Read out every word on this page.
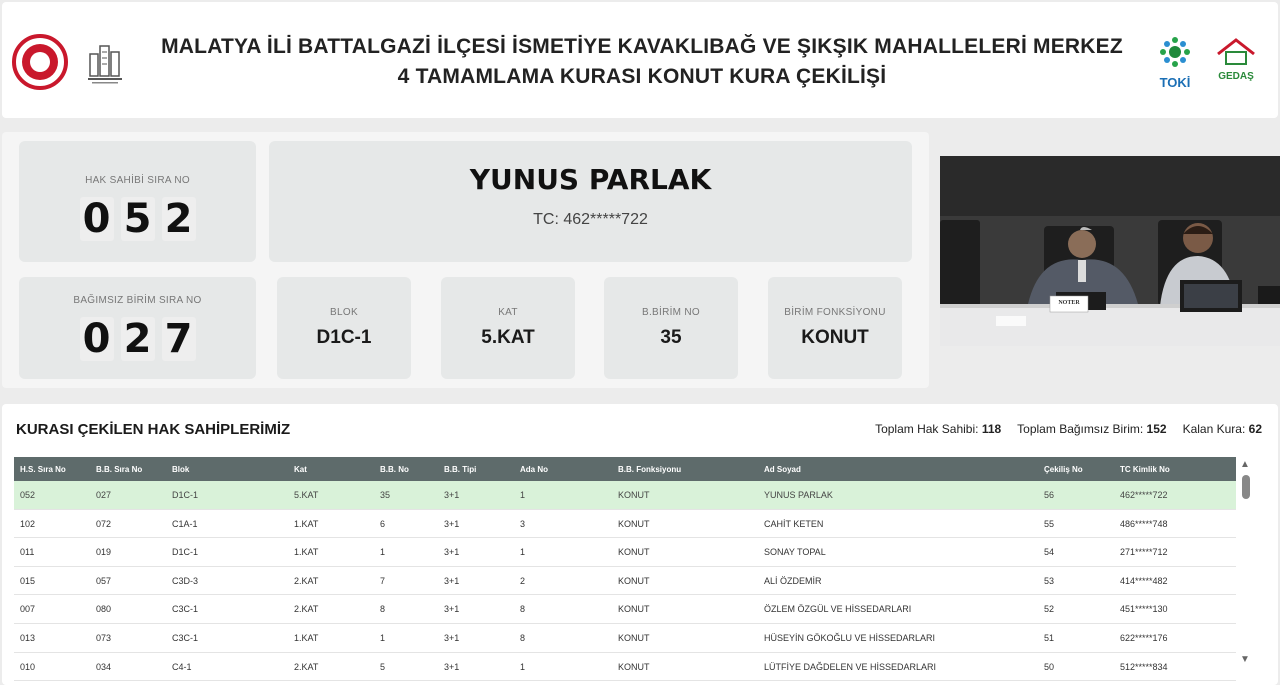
MALATYA İLİ BATTALGAZİ İLÇESİ İSMETİYE KAVAKLIBAĞ VE ŞIKŞIK MAHALLELERİ MERKEZ
4 TAMAMLAMA KURASI KONUT KURA ÇEKİLİŞİ	TOKİ	GEDAŞ
HAK SAHİBİ SIRA NO
0 5 2
YUNUS PARLAK
TC: 462*****722
BAĞIMSIZ BİRİM SIRA NO
0 2 7
BLOK
D1C-1
KAT
5.KAT
B.BİRİM NO
35
BİRİM FONKSİYONU
KONUT
NOTER
KURASI ÇEKİLEN HAK SAHİPLERİMİZ	Toplam Hak Sahibi: 118 Toplam Bağımsız Birim: 152 Kalan Kura: 62
H.S. Sıra No	B.B. Sıra No	Blok	Kat	B.B. No	B.B. Tipi	Ada No	B.B. Fonksiyonu	Ad Soyad	Çekiliş No	TC Kimlik No
052	027	D1C-1	5.KAT	35	3+1	1	KONUT	YUNUS PARLAK	56	462*****722
102	072	C1A-1	1.KAT	6	3+1	3	KONUT	CAHİT KETEN	55	486*****748
011	019	D1C-1	1.KAT	1	3+1	1	KONUT	SONAY TOPAL	54	271*****712
015	057	C3D-3	2.KAT	7	3+1	2	KONUT	ALİ ÖZDEMİR	53	414*****482
007	080	C3C-1	2.KAT	8	3+1	8	KONUT	ÖZLEM ÖZGÜL VE HİSSEDARLARI	52	451*****130
013	073	C3C-1	1.KAT	1	3+1	8	KONUT	HÜSEYİN GÖKOĞLU VE HİSSEDARLARI	51	622*****176
010	034	C4-1	2.KAT	5	3+1	1	KONUT	LÜTFİYE DAĞDELEN VE HİSSEDARLARI	50	512*****834
▲
▼
